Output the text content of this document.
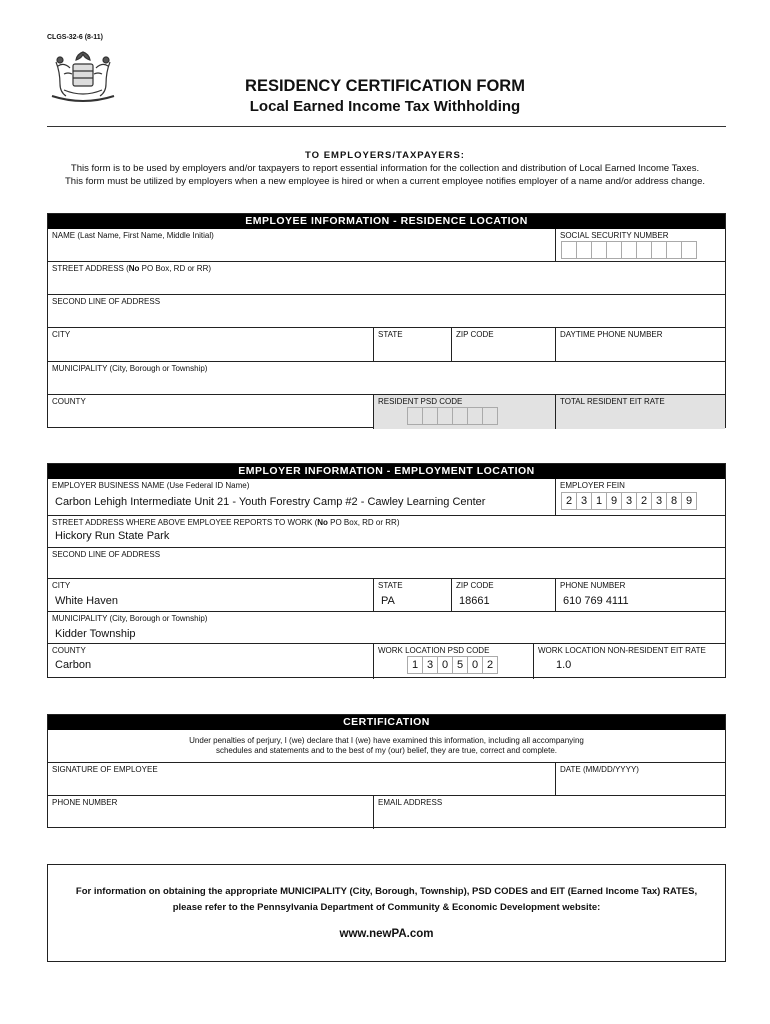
CLGS-32-6 (8-11)
RESIDENCY CERTIFICATION FORM
Local Earned Income Tax Withholding
TO EMPLOYERS/TAXPAYERS:
This form is to be used by employers and/or taxpayers to report essential information for the collection and distribution of Local Earned Income Taxes.
This form must be utilized by employers when a new employee is hired or when a current employee notifies employer of a name and/or address change.
EMPLOYEE INFORMATION - RESIDENCE LOCATION
NAME (Last Name, First Name, Middle Initial)	SOCIAL SECURITY NUMBER
STREET ADDRESS (No PO Box, RD or RR)
SECOND LINE OF ADDRESS
CITY	STATE	ZIP CODE	DAYTIME PHONE NUMBER
MUNICIPALITY (City, Borough or Township)
COUNTY	RESIDENT PSD CODE	TOTAL RESIDENT EIT RATE
EMPLOYER INFORMATION - EMPLOYMENT LOCATION
EMPLOYER BUSINESS NAME (Use Federal ID Name)
Carbon Lehigh Intermediate Unit 21 - Youth Forestry Camp #2 - Cawley Learning Center
EMPLOYER FEIN
2 3 1 9 3 2 3 8 9
STREET ADDRESS WHERE ABOVE EMPLOYEE REPORTS TO WORK (No PO Box, RD or RR)
Hickory Run State Park
SECOND LINE OF ADDRESS
CITY
White Haven
STATE
PA
ZIP CODE
18661
PHONE NUMBER
610 769 4111
MUNICIPALITY (City, Borough or Township)
Kidder Township
COUNTY
Carbon
WORK LOCATION PSD CODE
1 3 0 5 0 2
WORK LOCATION NON-RESIDENT EIT RATE
1.0
CERTIFICATION
Under penalties of perjury, I (we) declare that I (we) have examined this information, including all accompanying
schedules and statements and to the best of my (our) belief, they are true, correct and complete.
SIGNATURE OF EMPLOYEE	DATE (MM/DD/YYYY)
PHONE NUMBER	EMAIL ADDRESS
For information on obtaining the appropriate MUNICIPALITY (City, Borough, Township), PSD CODES and EIT (Earned Income Tax) RATES,
please refer to the Pennsylvania Department of Community & Economic Development website:
www.newPA.com
